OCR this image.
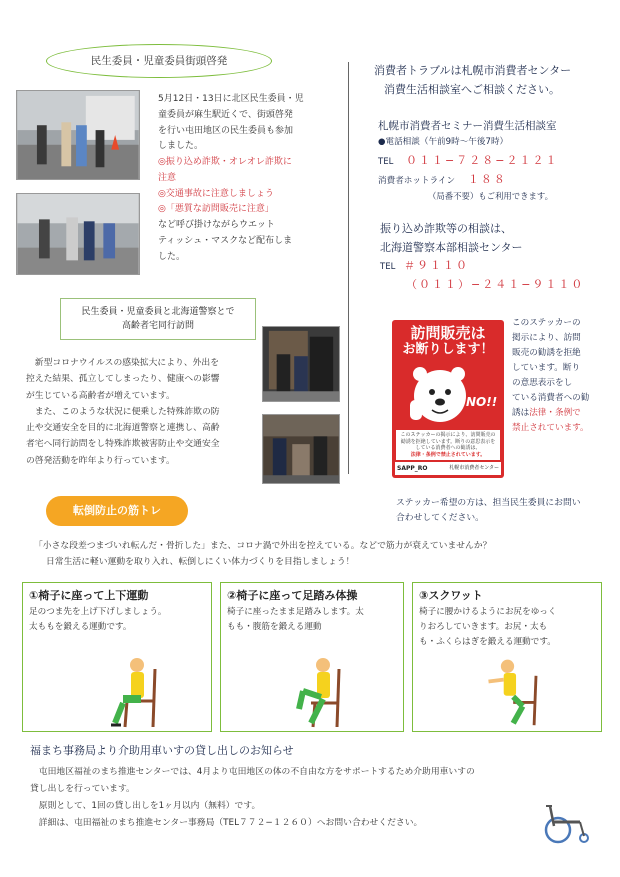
民生委員・児童委員街頭啓発
5月12日・13日に北区民生委員・児
童委員が麻生駅近くで、街頭啓発
を行い屯田地区の民生委員も参加
しました。
◎振り込め詐欺・オレオレ詐欺に
注意
◎交通事故に注意しましょう
◎「悪質な訪問販売に注意」
など呼び掛けながらウエット
ティッシュ・マスクなど配布しま
した。
民生委員・児童委員と北海道警察とで
高齢者宅同行訪問
　新型コロナウイルスの感染拡大により、外出を
控えた結果、孤立してしまったり、健康への影響
が生じている高齢者が増えています。
　また、このような状況に便乗した特殊詐欺の防
止や交通安全を目的に北海道警察と連携し、高齢
者宅へ同行訪問をし特殊詐欺被害防止や交通安全
の啓発活動を昨年より行っています。
転倒防止の筋トレ
消費者トラブルは札幌市消費者センター
消費生活相談室へご相談ください。
札幌市消費者セミナー消費生活相談室
●電話相談（午前9時〜午後7時）
TEL ０１１−７２８−２１２１
消費者ホットライン １８８
（局番不要）もご利用できます。
振り込め詐欺等の相談は、
北海道警察本部相談センター
TEL ＃９１１０
（０１１）−２４１−９１１０
訪問販売は
お断りします！
NO!!
このステッカーの掲示により、訪問販売の
勧誘を拒絶しています。断りの意思表示を
している消費者への勧誘は、
法律・条例で禁止されています。
SAPP_RO	札幌市消費者センター
このステッカーの
掲示により、訪問
販売の勧誘を拒絶
しています。断り
の意思表示をし
ている消費者への勧
誘は法律・条例で
禁止されています。
ステッカー希望の方は、担当民生委員にお問い
合わせしてください。
「小さな段差つまづいれ転んだ・骨折した」また、コロナ渦で外出を控えている。などで筋力が衰えていませんか？
日常生活に軽い運動を取り入れ、転倒しにくい体力づくりを目指しましょう！
①椅子に座って上下運動
足のつま先を上げ下げしましょう。
太ももを鍛える運動です。
②椅子に座って足踏み体操
椅子に座ったまま足踏みします。太
もも・腹筋を鍛える運動
③スクワット
椅子に腰かけるようにお尻をゆっく
りおろしていきます。お尻・太も
も・ふくらはぎを鍛える運動です。
福まち事務局より介助用車いすの貸し出しのお知らせ
　屯田地区福祉のまち推進センターでは、4月より屯田地区の体の不自由な方をサポートするため介助用車いすの
貸し出しを行っています。
　原則として、1回の貸し出しを1ヶ月以内（無料）です。
　詳細は、屯田福祉のまち推進センター事務局（TEL７７２−１２６０）へお問い合わせください。
